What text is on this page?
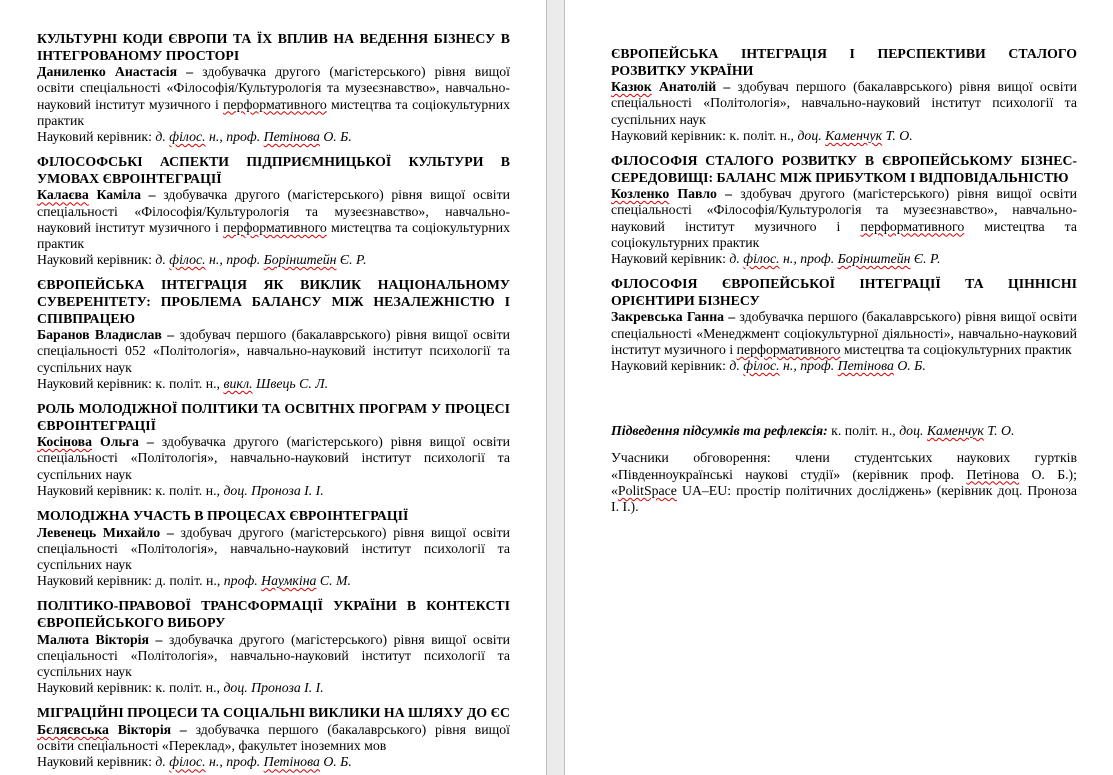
КУЛЬТУРНІ КОДИ ЄВРОПИ ТА ЇХ ВПЛИВ НА ВЕДЕННЯ БІЗНЕСУ В ІНТЕГРОВАНОМУ ПРОСТОРІ

Даниленко Анастасія – здобувачка другого (магістерського) рівня вищої освіти спеціальності «Філософія/Культурологія та музеєзнавство», навчально-науковий інститут музичного і перформативного мистецтва та соціокультурних практик

Науковий керівник: д. філос. н., проф. Петінова О. Б.

ФІЛОСОФСЬКІ АСПЕКТИ ПІДПРИЄМНИЦЬКОЇ КУЛЬТУРИ В УМОВАХ ЄВРОІНТЕГРАЦІЇ

Калаєва Каміла – здобувачка другого (магістерського) рівня вищої освіти спеціальності «Філософія/Культурологія та музеєзнавство», навчально-науковий інститут музичного і перформативного мистецтва та соціокультурних практик

Науковий керівник: д. філос. н., проф. Борінштейн Є. Р.

ЄВРОПЕЙСЬКА ІНТЕГРАЦІЯ ЯК ВИКЛИК НАЦІОНАЛЬНОМУ СУВЕРЕНІТЕТУ: ПРОБЛЕМА БАЛАНСУ МІЖ НЕЗАЛЕЖНІСТЮ І СПІВПРАЦЕЮ

Баранов Владислав – здобувач першого (бакалаврського) рівня вищої освіти спеціальності 052 «Політологія», навчально-науковий інститут психології та суспільних наук

Науковий керівник: к. політ. н., викл. Швець С. Л.

РОЛЬ МОЛОДІЖНОЇ ПОЛІТИКИ ТА ОСВІТНІХ ПРОГРАМ У ПРОЦЕСІ ЄВРОІНТЕГРАЦІЇ

Косінова Ольга – здобувачка другого (магістерського) рівня вищої освіти спеціальності «Політологія», навчально-науковий інститут психології та суспільних наук

Науковий керівник: к. політ. н., доц. Проноза І. І.

МОЛОДІЖНА УЧАСТЬ В ПРОЦЕСАХ ЄВРОІНТЕГРАЦІЇ

Левенець Михайло – здобувач другого (магістерського) рівня вищої освіти спеціальності «Політологія», навчально-науковий інститут психології та суспільних наук

Науковий керівник: д. політ. н., проф. Наумкіна С. М.

ПОЛІТИКО-ПРАВОВОЇ ТРАНСФОРМАЦІЇ УКРАЇНИ В КОНТЕКСТІ ЄВРОПЕЙСЬКОГО ВИБОРУ

Малюта Вікторія – здобувачка другого (магістерського) рівня вищої освіти спеціальності «Політологія», навчально-науковий інститут психології та суспільних наук

Науковий керівник: к. політ. н., доц. Проноза І. І.

МІГРАЦІЙНІ ПРОЦЕСИ ТА СОЦІАЛЬНІ ВИКЛИКИ НА ШЛЯХУ ДО ЄС

Бєляєвська Вікторія – здобувачка першого (бакалаврського) рівня вищої освіти спеціальності «Переклад», факультет іноземних мов

Науковий керівник: д. філос. н., проф. Петінова О. Б.

ЄВРОПЕЙСЬКА ІНТЕГРАЦІЯ І ПЕРСПЕКТИВИ СТАЛОГО РОЗВИТКУ УКРАЇНИ

Казюк Анатолій – здобувач першого (бакалаврського) рівня вищої освіти спеціальності «Політологія», навчально-науковий інститут психології та суспільних наук

Науковий керівник: к. політ. н., доц. Каменчук Т. О.

ФІЛОСОФІЯ СТАЛОГО РОЗВИТКУ В ЄВРОПЕЙСЬКОМУ БІЗНЕС-СЕРЕДОВИЩІ: БАЛАНС МІЖ ПРИБУТКОМ І ВІДПОВІДАЛЬНІСТЮ

Козленко Павло – здобувач другого (магістерського) рівня вищої освіти спеціальності «Філософія/Культурологія та музеєзнавство», навчально-науковий інститут музичного і перформативного мистецтва та соціокультурних практик

Науковий керівник: д. філос. н., проф. Борінштейн Є. Р.

ФІЛОСОФІЯ ЄВРОПЕЙСЬКОЇ ІНТЕГРАЦІЇ ТА ЦІННІСНІ ОРІЄНТИРИ БІЗНЕСУ

Закревська Ганна – здобувачка першого (бакалаврського) рівня вищої освіти спеціальності «Менеджмент соціокультурної діяльності», навчально-науковий інститут музичного і перформативного мистецтва та соціокультурних практик

Науковий керівник: д. філос. н., проф. Петінова О. Б.

Підведення підсумків та рефлексія: к. політ. н., доц. Каменчук Т. О.

Учасники обговорення: члени студентських наукових гуртків «Південноукраїнські наукові студії» (керівник проф. Петінова О. Б.); «PolitSpace UA–EU: простір політичних досліджень» (керівник доц. Проноза І. І.).
